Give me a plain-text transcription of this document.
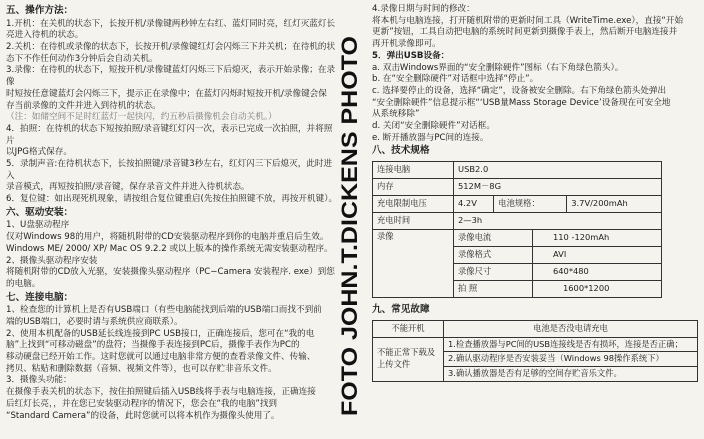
五、操作方法：
1.开机：在关机的状态下，长按开机/录像键两秒钟左右红、蓝灯同时亮，红灯灭蓝灯长
亮进入待机的状态。
2.关机：在待机或录像的状态下，长按开机/录像键红灯会闪烁三下并关机；在待机的状
态下不作任何动作3分钟后会自动关机。
3.录像：在待机的状态下，短按开机/录像键蓝灯闪烁三下后熄灭，表示开始录像；在录像
时短按任意键蓝灯会闪烁三下，提示正在录像中；在蓝灯闪烁时短按开机/录像键会保
存当前录像的文件并进入到待机的状态。
（注：如储空间不足时红蓝灯一起快闪，约五秒后摄像机会自动关机。）
4．拍照：在待机的状态下短按拍照/录音键红灯闪一次，表示已完成一次拍照，并将照片
以JPG格式保存。
5．录制声音:在待机状态下，长按拍照键/录音键3秒左右，红灯闪三下后熄灭，此时进入
录音模式，再短按拍照/录音键，保存录音文件并进入待机状态。
6．复位键：如出现死机现象，请按组合复位键重启(先按住拍照键不放，再按开机键）。
六、驱动安装：
1、U盘驱动程序
仅对Windows 98的用户，将随机附带的CD安装驱动程序到你的电脑并重启后生效。
Windows ME/ 2000/ XP/ Mac OS 9.2.2 或以上版本的操作系统无需安装驱动程序。
2、摄像头驱动程序安装
将随机附带的CD放入光驱，安装摄像头驱动程序（PC−Camera 安装程序. exe）到您
的电脑。
七、连接电脑：
1、检查您的计算机上是否有USB端口（有些电脑能找到后端的USB端口而找不到前
端的USB端口，必要时请与系统供应商联系）。
2、使用本机配备的USB延长线连接到PC USB接口，正确连接后，您可在“我的电
脑”上找到“可移动磁盘”的盘符；当摄像手表连接到PC后，摄像手表作为PC的
移动硬盘已经开始工作。这时您就可以通过电脑非常方便的查看录像文件、传输、
拷贝、粘贴和删除数据（音频、视频文件等），也可以存贮非音乐文件。
3．摄像头功能：
在摄像手表关机的状态下，按住拍照键后插入USB线将手表与电脑连接，正确连接
后红灯长亮，，并在您已安装驱动程序的情况下，您会在“我的电脑”找到
“Standard Camera”的设备，此时您就可以将本机作为摄像头使用了。	FOTO JOHN.T.DICKENS PHOTO
4.录像日期与时间的修改：
将本机与电脑连接，打开随机附带的更新时间工具（WriteTime.exe），直接“开始
更新”按钮，工具自动把电脑的系统时间更新到摄像手表上，然后断开电脑连接并
再开机录像即可。
5．弹出USB设备：
a. 双击Windows界面的“安全删除硬件”图标（右下角绿色箭头）。
b. 在“安全删除硬件”对话框中选择“停止”。
c. 选择要停止的设备，选择“确定”，设备被安全删除。右下角绿色箭头处弹出
“安全删除硬件”信息提示框“‘USB量Mass Storage Device’设备现在可安全地
从系统移除”
d. 关闭“安全删除硬件”对话框。
e. 断开播放器与PC间的连接。
八、技术规格
连接电脑	USB2.0
内存	512M－8G
充电限制电压	4.2V	电池规格：	3.7V/200mAh
充电时间	2—3h
录像		录像电流	110 -120mAh
录像格式	AVI
录像尺寸	640*480
拍 照	1600*1200
九、常见故障
不能开机	电池是否没电请充电
不能正常下载及上传文件	1.检查播放器与PC间的USB连接线是否有损坏，连接是否正确；
2.确认驱动程序是否安装妥当（Windows 98操作系统下）
3.确认播放器是否有足够的空间存贮音乐文件。
